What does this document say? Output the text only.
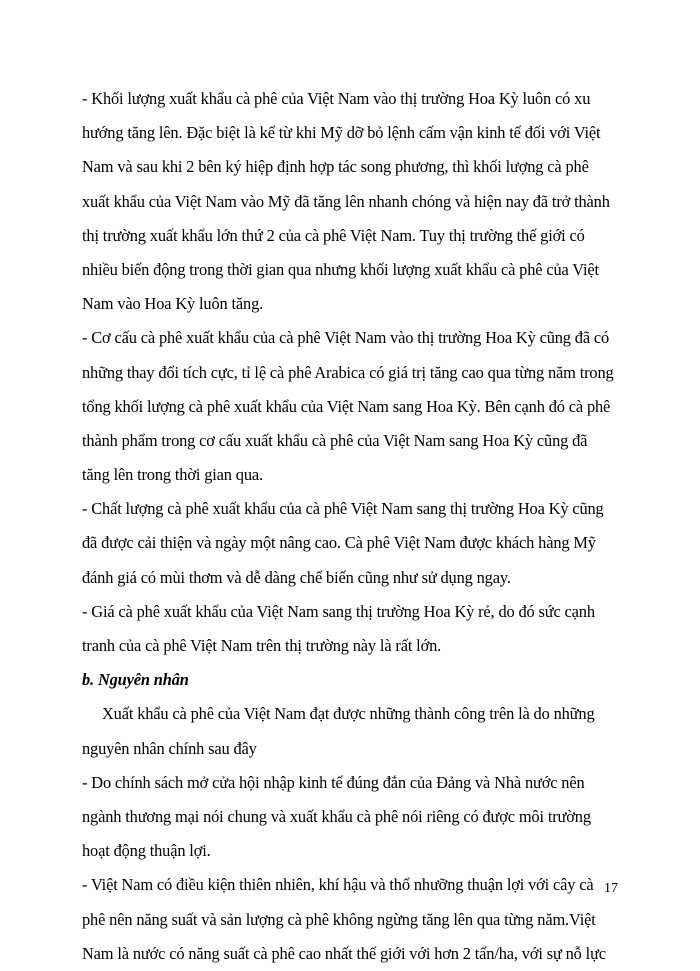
- Khối lượng xuất khẩu cà phê của Việt Nam vào thị trường Hoa Kỳ luôn có xu
hướng tăng lên. Đặc biệt là kể từ khi Mỹ dỡ bỏ lệnh cấm vận kinh tế đối với Việt
Nam và sau khi 2 bên ký hiệp định hợp tác song phương, thì khối lượng cà phê
xuất khẩu của Việt Nam vào Mỹ đã tăng lên nhanh chóng và hiện nay đã trở thành
thị trường xuất khẩu lớn thứ 2 của cà phê Việt Nam. Tuy thị trường thế giới có
nhiều biến động trong thời gian qua nhưng khối lượng xuất khẩu cà phê của Việt
Nam vào Hoa Kỳ luôn tăng.
- Cơ cấu cà phê xuất khẩu của cà phê Việt Nam vào thị trường Hoa Kỳ cũng đã có
những thay đổi tích cực, tỉ lệ cà phê Arabica có giá trị tăng cao qua từng năm trong
tổng khối lượng cà phê xuất khẩu của Việt Nam sang Hoa Kỳ. Bên cạnh đó cà phê
thành phẩm trong cơ cấu xuất khẩu cà phê của Việt Nam sang Hoa Kỳ cũng đã
tăng lên trong thời gian qua.
- Chất lượng cà phê xuất khẩu của cà phê Việt Nam sang thị trường Hoa Kỳ cũng
đã được cải thiện và ngày một nâng cao. Cà phê Việt Nam được khách hàng Mỹ
đánh giá có mùi thơm và dễ dàng chế biến cũng như sử dụng ngay.
- Giá cà phê xuất khẩu của Việt Nam sang thị trường Hoa Kỳ rẻ, do đó sức cạnh
tranh của cà phê Việt Nam trên thị trường này là rất lớn.
b. Nguyên nhân
Xuất khẩu cà phê của Việt Nam đạt được những thành công trên là do những
nguyên nhân chính sau đây
- Do chính sách mở cửa hội nhập kinh tế đúng đắn của Đảng và Nhà nước nên
ngành thương mại nói chung và xuất khẩu cà phê nói riêng có được môi trường
hoạt động thuận lợi.
- Việt Nam có điều kiện thiên nhiên, khí hậu và thổ nhưỡng thuận lợi với cây cà
phê nên năng suất và sản lượng cà phê không ngừng tăng lên qua từng năm.Việt
Nam là nước có năng suất cà phê cao nhất thế giới với hơn 2 tấn/ha, với sự nỗ lực
17
